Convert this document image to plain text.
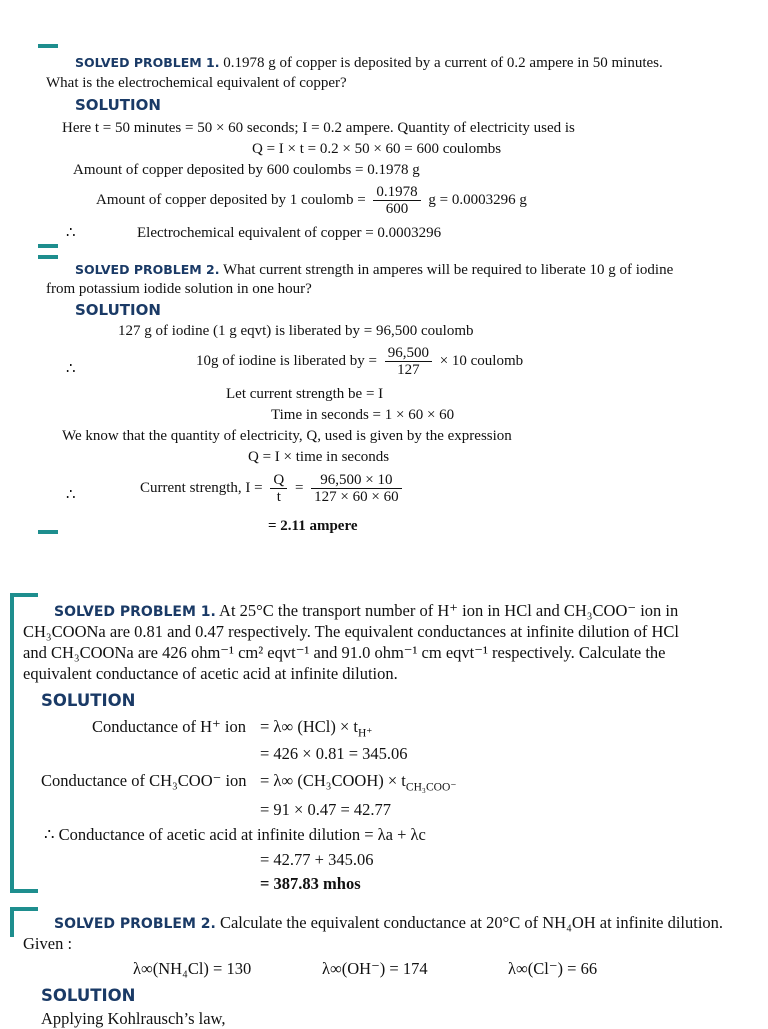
SOLVED PROBLEM 1. 0.1978 g of copper is deposited by a current of 0.2 ampere in 50 minutes.
What is the electrochemical equivalent of copper?
SOLUTION
Here t = 50 minutes = 50 × 60 seconds; I = 0.2 ampere. Quantity of electricity used is
Q = I × t = 0.2 × 50 × 60 = 600 coulombs
Amount of copper deposited by 600 coulombs = 0.1978 g
Amount of copper deposited by 1 coulomb = $\frac{0.1978}{600}$ g = 0.0003296 g
∴	Electrochemical equivalent of copper = 0.0003296
SOLVED PROBLEM 2. What current strength in amperes will be required to liberate 10 g of iodine
from potassium iodide solution in one hour?
SOLUTION
127 g of iodine (1 g eqvt) is liberated by = 96,500 coulomb
∴
10g of iodine is liberated by = $\frac{96,500}{127} \times 10$ coulomb
Let current strength be = I
Time in seconds = 1 × 60 × 60
We know that the quantity of electricity, Q, used is given by the expression
Q = I × time in seconds
∴	Current strength, $I = \frac{Q}{t} = \frac{96,500 \times 10}{127 \times 60 \times 60}$
= 2.11 ampere
SOLVED PROBLEM 1. At 25°C the transport number of H⁺ ion in HCl and CH₃COO⁻ ion in
CH₃COONa are 0.81 and 0.47 respectively. The equivalent conductances at infinite dilution of HCl
and CH₃COONa are 426 ohm⁻¹ cm² eqvt⁻¹ and 91.0 ohm⁻¹ cm eqvt⁻¹ respectively. Calculate the
equivalent conductance of acetic acid at infinite dilution.
SOLUTION
Conductance of H⁺ ion = λ∞ $(HCl) \times t_{H^+}$
= 426 × 0.81 = 345.06
Conductance of CH₃COO⁻ ion = λ∞ (CH₃COOH) × $t_{CH_3COO^-}$
= 91 × 0.47 = 42.77
∴ Conductance of acetic acid at infinite dilution = λa + λc
= 42.77 + 345.06
= 387.83 mhos
SOLVED PROBLEM 2. Calculate the equivalent conductance at 20°C of NH₄OH at infinite dilution.
Given :
λ∞(NH₄Cl) = 130	λ∞(OH⁻) = 174	λ∞(Cl⁻) = 66
SOLUTION
Applying Kohlrausch’s law,
